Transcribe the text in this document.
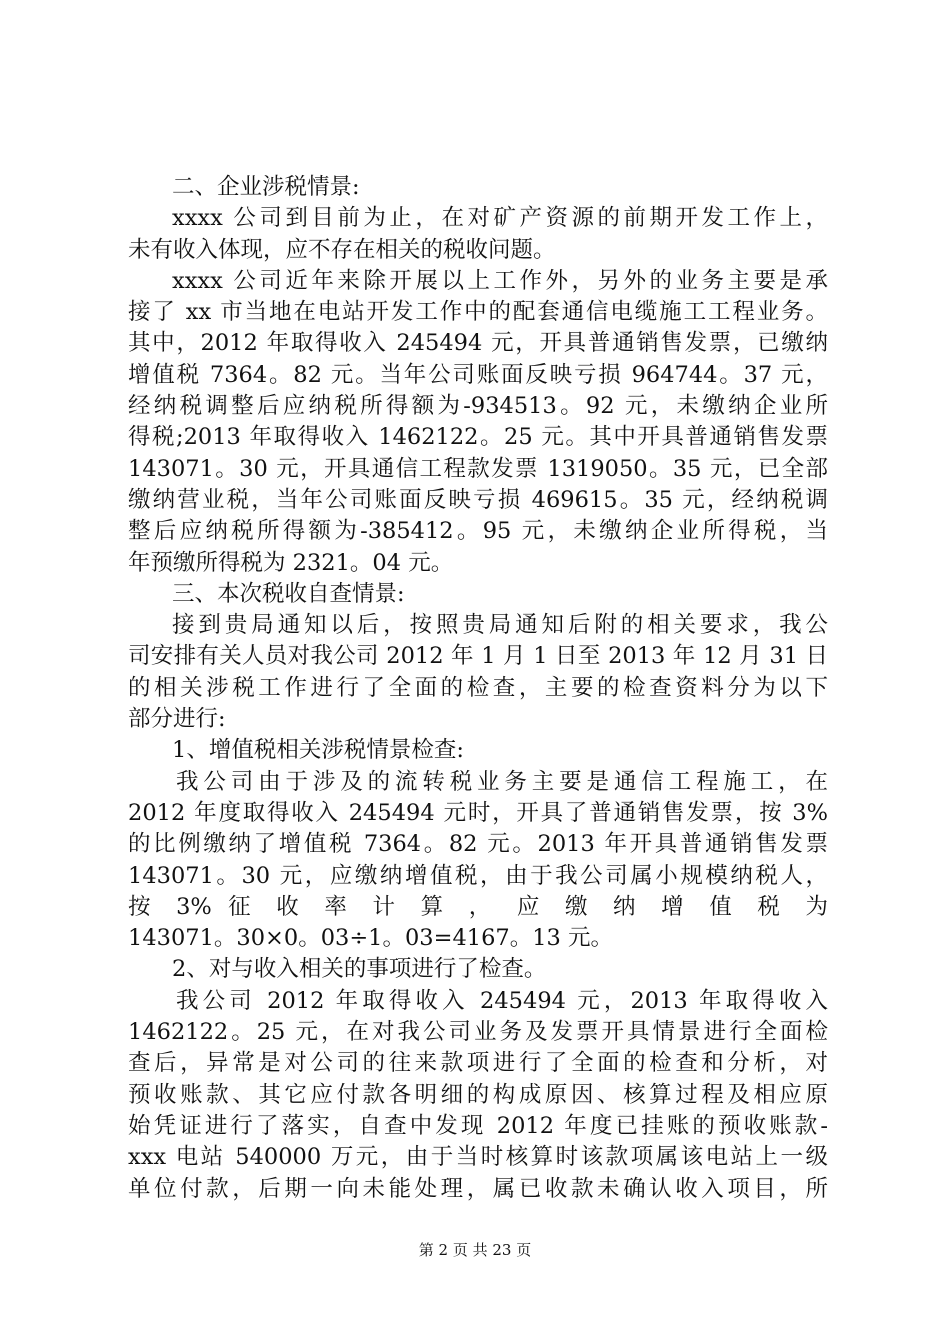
二、企业涉税情景:
xxxx 公司到目前为止，在对矿产资源的前期开发工作上，
未有收入体现，应不存在相关的税收问题。
xxxx 公司近年来除开展以上工作外，另外的业务主要是承
接了 xx 市当地在电站开发工作中的配套通信电缆施工工程业务。
其中，2012 年取得收入 245494 元，开具普通销售发票，已缴纳
增值税 7364。82 元。当年公司账面反映亏损 964744。37 元，
经纳税调整后应纳税所得额为-934513。92 元，未缴纳企业所
得税;2013 年取得收入 1462122。25 元。其中开具普通销售发票
143071。30 元，开具通信工程款发票 1319050。35 元，已全部
缴纳营业税，当年公司账面反映亏损 469615。35 元，经纳税调
整后应纳税所得额为-385412。95 元，未缴纳企业所得税，当
年预缴所得税为 2321。04 元。
三、本次税收自查情景:
接到贵局通知以后，按照贵局通知后附的相关要求，我公
司安排有关人员对我公司 2012 年 1 月 1 日至 2013 年 12 月 31 日
的相关涉税工作进行了全面的检查，主要的检查资料分为以下
部分进行:
1、增值税相关涉税情景检查:
我公司由于涉及的流转税业务主要是通信工程施工，在
2012 年度取得收入 245494 元时，开具了普通销售发票，按 3%
的比例缴纳了增值税 7364。82 元。2013 年开具普通销售发票
143071。30 元，应缴纳增值税，由于我公司属小规模纳税人，
按 3% 征 收 率 计 算 ， 应 缴 纳 增 值 税 为
143071。30×0。03÷1。03=4167。13 元。
2、对与收入相关的事项进行了检查。
我公司 2012 年取得收入 245494 元，2013 年取得收入
1462122。25 元，在对我公司业务及发票开具情景进行全面检
查后，异常是对公司的往来款项进行了全面的检查和分析，对
预收账款、其它应付款各明细的构成原因、核算过程及相应原
始凭证进行了落实，自查中发现 2012 年度已挂账的预收账款-
xxx 电站 540000 万元，由于当时核算时该款项属该电站上一级
单位付款，后期一向未能处理，属已收款未确认收入项目，所
第 2 页 共 23 页
